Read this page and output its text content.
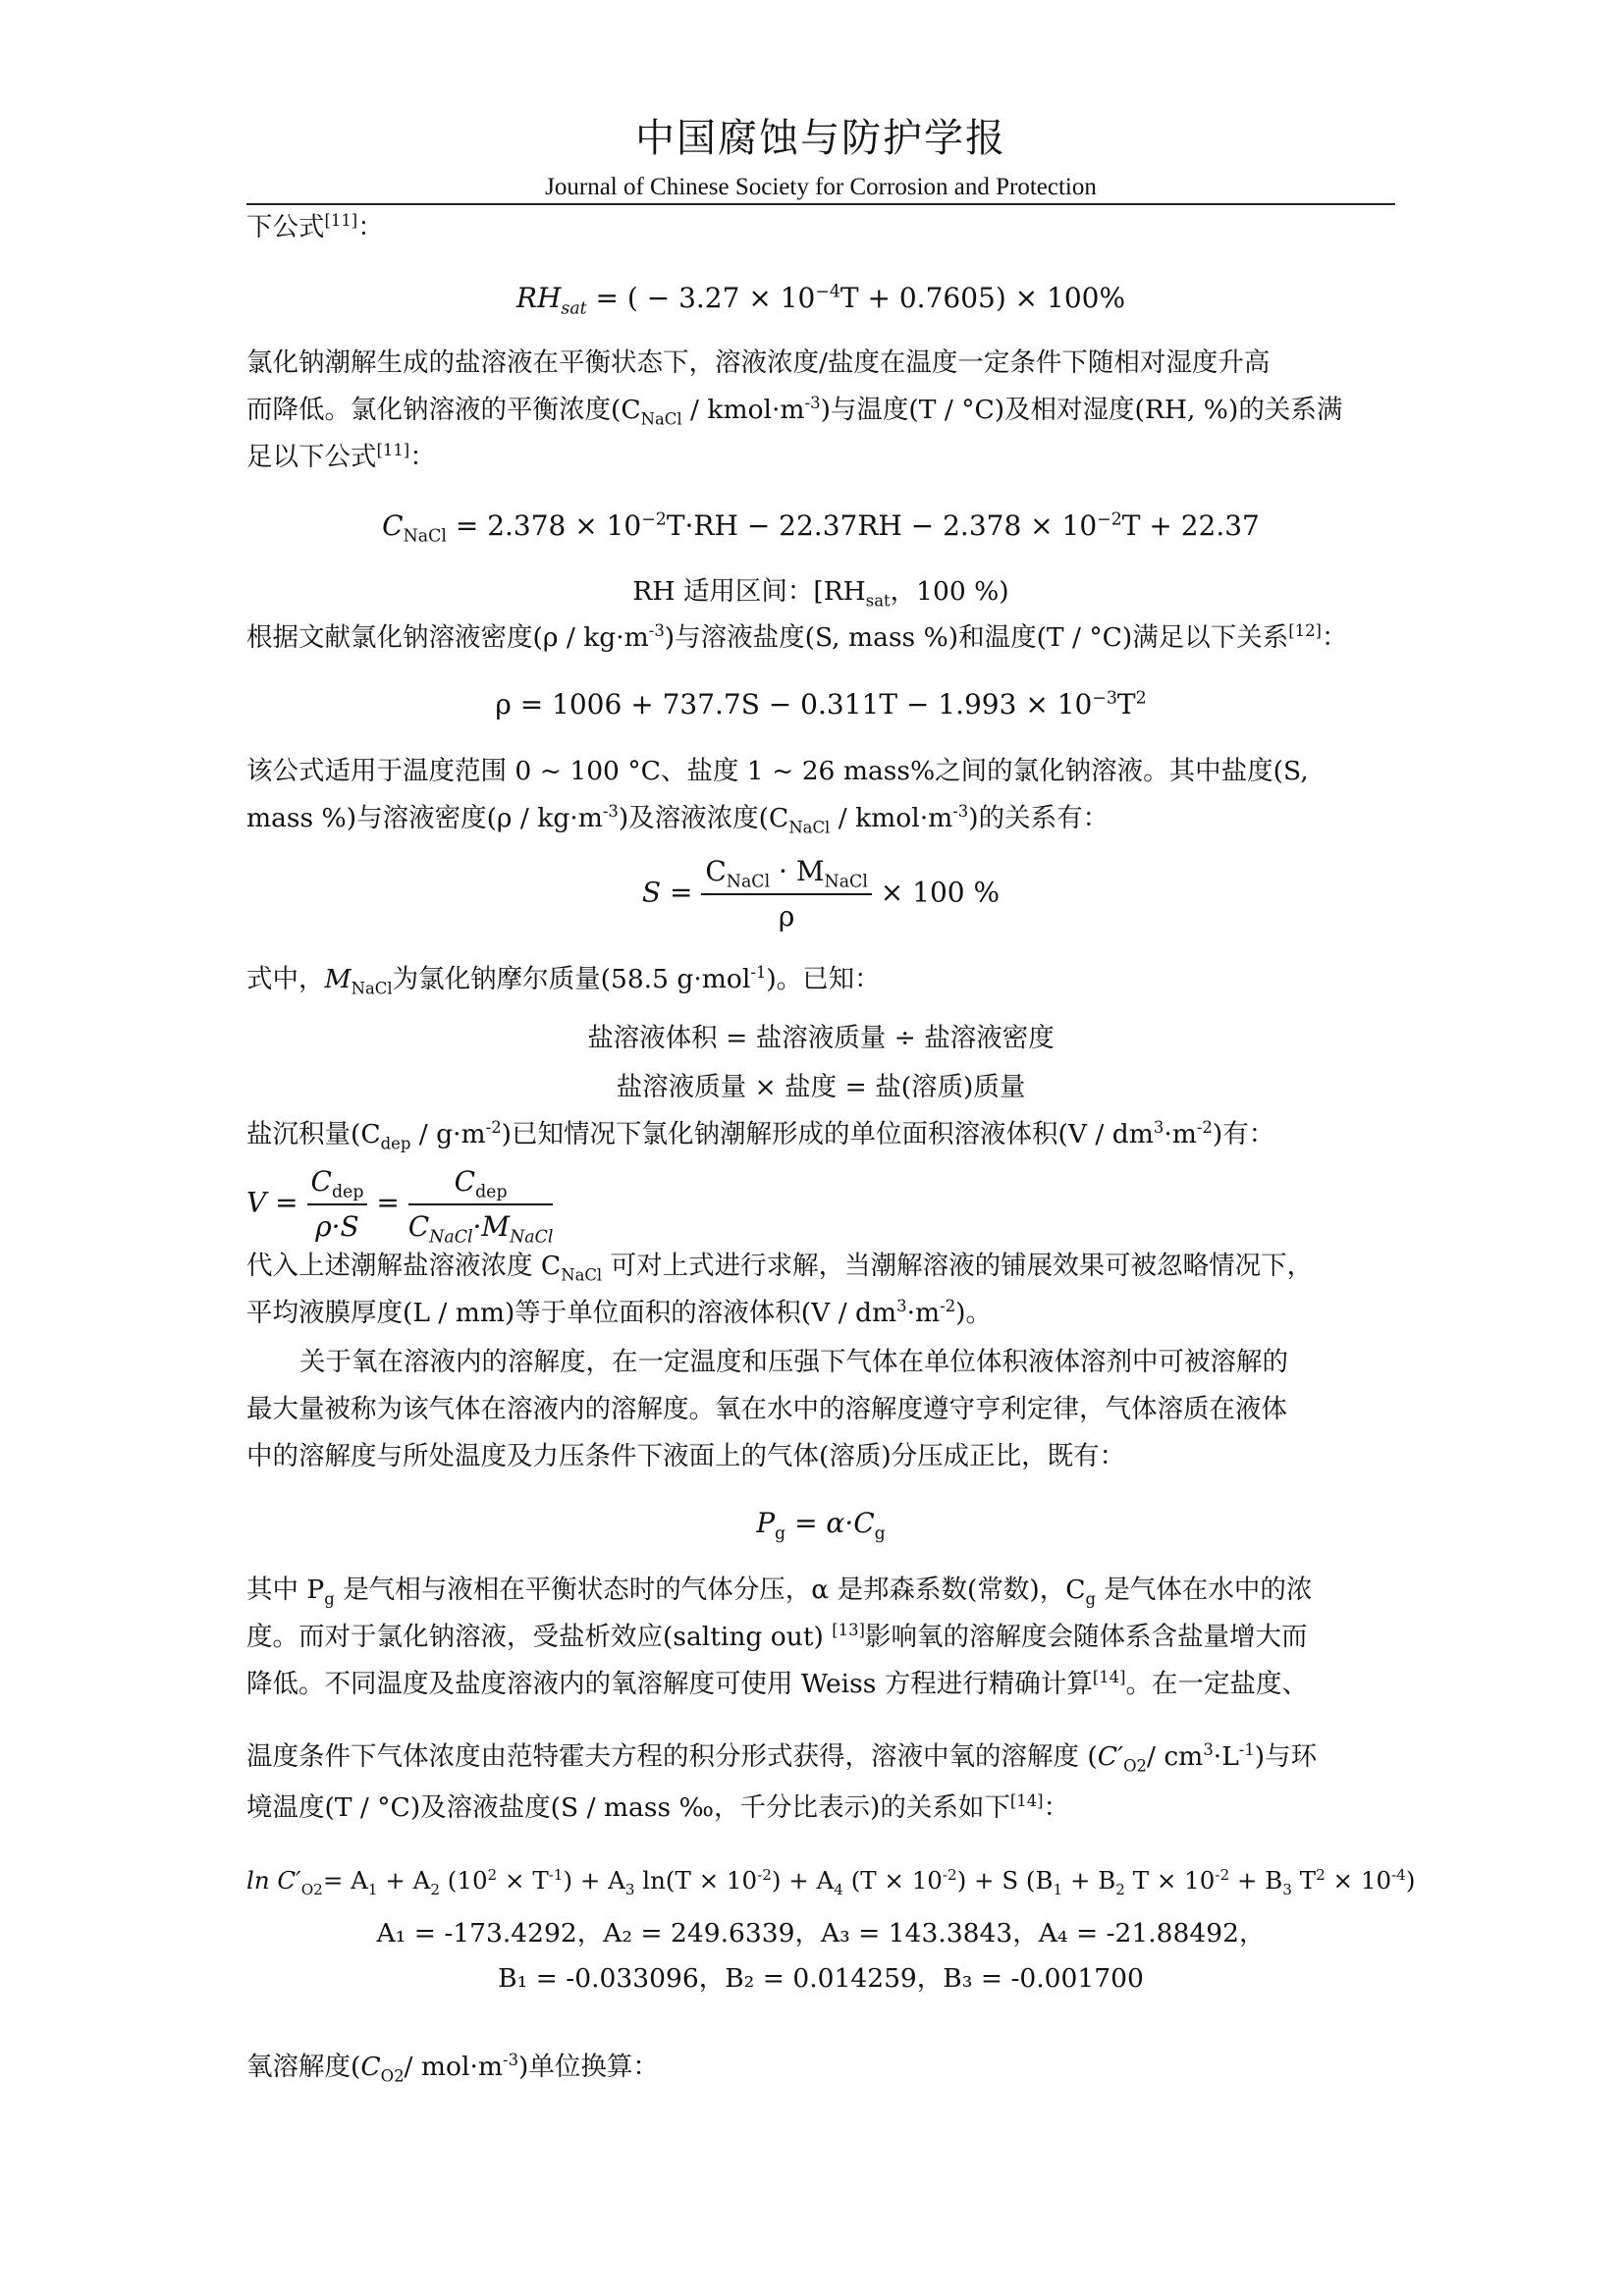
中国腐蚀与防护学报
Journal of Chinese Society for Corrosion and Protection
下公式[11]：
$RH_{sat}$ = ( − $3.27 \times 10^{-4}T + 0.7605) \times 100\%$
氯化钠潮解生成的盐溶液在平衡状态下，溶液浓度/盐度在温度一定条件下随相对湿度升高
而降低。氯化钠溶液的平衡浓度($C_{NaCl}$ / $kmol\cdot m^{-3}$)与温度(T / °C)及相对湿度(RH, %)的关系满
足以下公式[11]：
$C_{NaCl} = 2.378 \times 10^{-2}T\cdot RH - 22.37RH - 2.378 \times 10^{-2}T + 22.37$
RH 适用区间：[$RH_{sat}$，100 %)
根据文献氯化钠溶液密度$(\rho / kg\cdot m^{-3})$与溶液盐度(S, mass %)和温度(T / °C)满足以下关系[12]：
$\rho = 1006 + 737.7S - 0.311T - 1.993 \times 10^{-3}T^2$
该公式适用于温度范围 0 ~ 100 °C、盐度 1 ~ 26 mass%之间的氯化钠溶液。其中盐度(S,
mass %)与溶液密度$(\rho / kg\cdot m^{-3})$及溶液浓度($C_{NaCl}$ / $kmol\cdot m^{-3}$)的关系有：
$S = \frac{C_{NaCl} \cdot M_{NaCl}}{\rho} \times 100$ %
式中，$M_{NaCl}$为氯化钠摩尔质量(58.5 g·mol$^{-1}$)。已知：
盐溶液体积 = 盐溶液质量 ÷ 盐溶液密度
盐溶液质量 × 盐度 = 盐(溶质)质量
盐沉积量$(C_{dep} / g\cdot m^{-2})$已知情况下氯化钠潮解形成的单位面积溶液体积$(V / dm^3\cdot m^{-2})$有：
$V = \frac{C_{dep}}{\rho\cdot S} = \frac{C_{dep}}{C_{NaCl}\cdot M_{NaCl}}$
代入上述潮解盐溶液浓度 $C_{NaCl}$ 可对上式进行求解，当潮解溶液的铺展效果可被忽略情况下，
平均液膜厚度(L / mm)等于单位面积的溶液体积$(V / dm^3\cdot m^{-2})$。
关于氧在溶液内的溶解度，在一定温度和压强下气体在单位体积液体溶剂中可被溶解的
最大量被称为该气体在溶液内的溶解度。氧在水中的溶解度遵守亨利定律，气体溶质在液体
中的溶解度与所处温度及力压条件下液面上的气体(溶质)分压成正比，既有：
$P_g = \alpha\cdot C_g$
其中 $P_g$ 是气相与液相在平衡状态时的气体分压，α 是邦森系数(常数)，$C_g$ 是气体在水中的浓
度。而对于氯化钠溶液，受盐析效应(salting out) [13]影响氧的溶解度会随体系含盐量增大而
降低。不同温度及盐度溶液内的氧溶解度可使用 Weiss 方程进行精确计算[14]。在一定盐度、
温度条件下气体浓度由范特霍夫方程的积分形式获得，溶液中氧的溶解度 ($C'_{O2}/$ $cm^3\cdot L^{-1}$)与环
境温度(T / °C)及溶液盐度(S / mass ‰，千分比表示)的关系如下[14]：
$\ln C'_{O2}= A_1 + A_2$ $(10^2 \times T^{-1}) + A_3$ $\ln(T \times 10^{-2}) + A_4$ $(T \times 10^{-2}) + S$ ($B_1 + B_2$ $T \times 10^{-2} + B_3$ $T^2 \times 10^{-4}$)
A₁ = -173.4292，A₂ = 249.6339，A₃ = 143.3843，A₄ = -21.88492，
B₁ = -0.033096，B₂ = 0.014259，B₃ = -0.001700
氧溶解度($C_{O2}/$ $mol\cdot m^{-3}$)单位换算：
